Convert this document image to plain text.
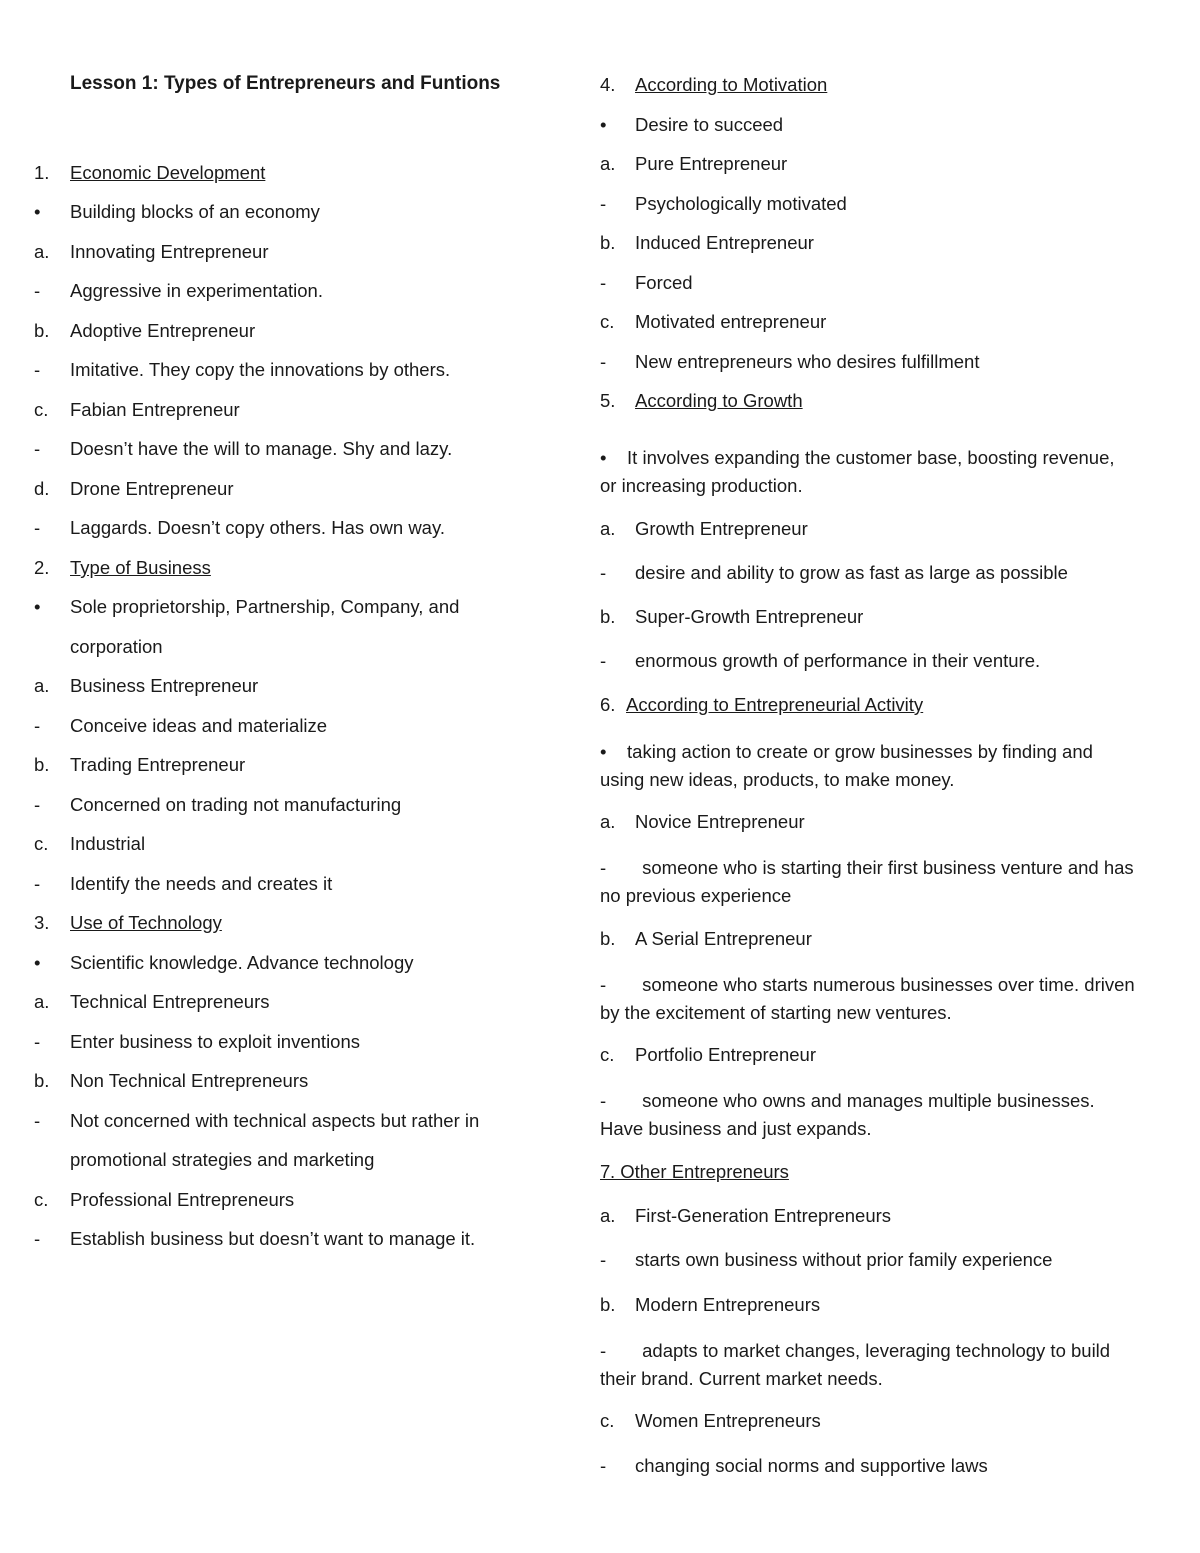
Lesson 1: Types of Entrepreneurs and Funtions
1.	Economic Development
•	Building blocks of an economy
a.	Innovating Entrepreneur
-	Aggressive in experimentation.
b.	Adoptive Entrepreneur
-	Imitative. They copy the innovations by others.
c.	Fabian Entrepreneur
-	Doesn’t have the will to manage. Shy and lazy.
d.	Drone Entrepreneur
-	Laggards. Doesn’t copy others. Has own way.
2.	Type of Business
•	Sole proprietorship, Partnership, Company, and
corporation
a.	Business Entrepreneur
-	Conceive ideas and materialize
b.	Trading Entrepreneur
-	Concerned on trading not manufacturing
c.	Industrial
-	Identify the needs and creates it
3.	Use of Technology
•	Scientific knowledge. Advance technology
a.	Technical Entrepreneurs
-	Enter business to exploit inventions
b.	Non Technical Entrepreneurs
-	Not concerned with technical aspects but rather in
promotional strategies and marketing
c.	Professional Entrepreneurs
-	Establish business but doesn’t want to manage it.
4.	According to Motivation
•	Desire to succeed
a.	Pure Entrepreneur
-	Psychologically motivated
b.	Induced Entrepreneur
-	Forced
c.	Motivated entrepreneur
-	New entrepreneurs who desires fulfillment
5.	According to Growth
•    It involves expanding the customer base, boosting revenue, or increasing production.
a.	Growth Entrepreneur
-	desire and ability to grow as fast as large as possible
b.	Super-Growth Entrepreneur
-	enormous growth of performance in their venture.
6. According to Entrepreneurial Activity
•    taking action to create or grow businesses by finding and using new ideas, products, to make money.
a.	Novice Entrepreneur
-       someone who is starting their first business venture and has no previous experience
b.	A Serial Entrepreneur
-       someone who starts numerous businesses over time. driven by the excitement of starting new ventures.
c.	Portfolio Entrepreneur
-       someone who owns and manages multiple businesses. Have business and just expands.
7 . Other Entrepreneurs
a.	First-Generation Entrepreneurs
-	starts own business without prior family experience
b.	Modern Entrepreneurs
-       adapts to market changes, leveraging technology to build their brand. Current market needs.
c.	Women Entrepreneurs
-	changing social norms and supportive laws
